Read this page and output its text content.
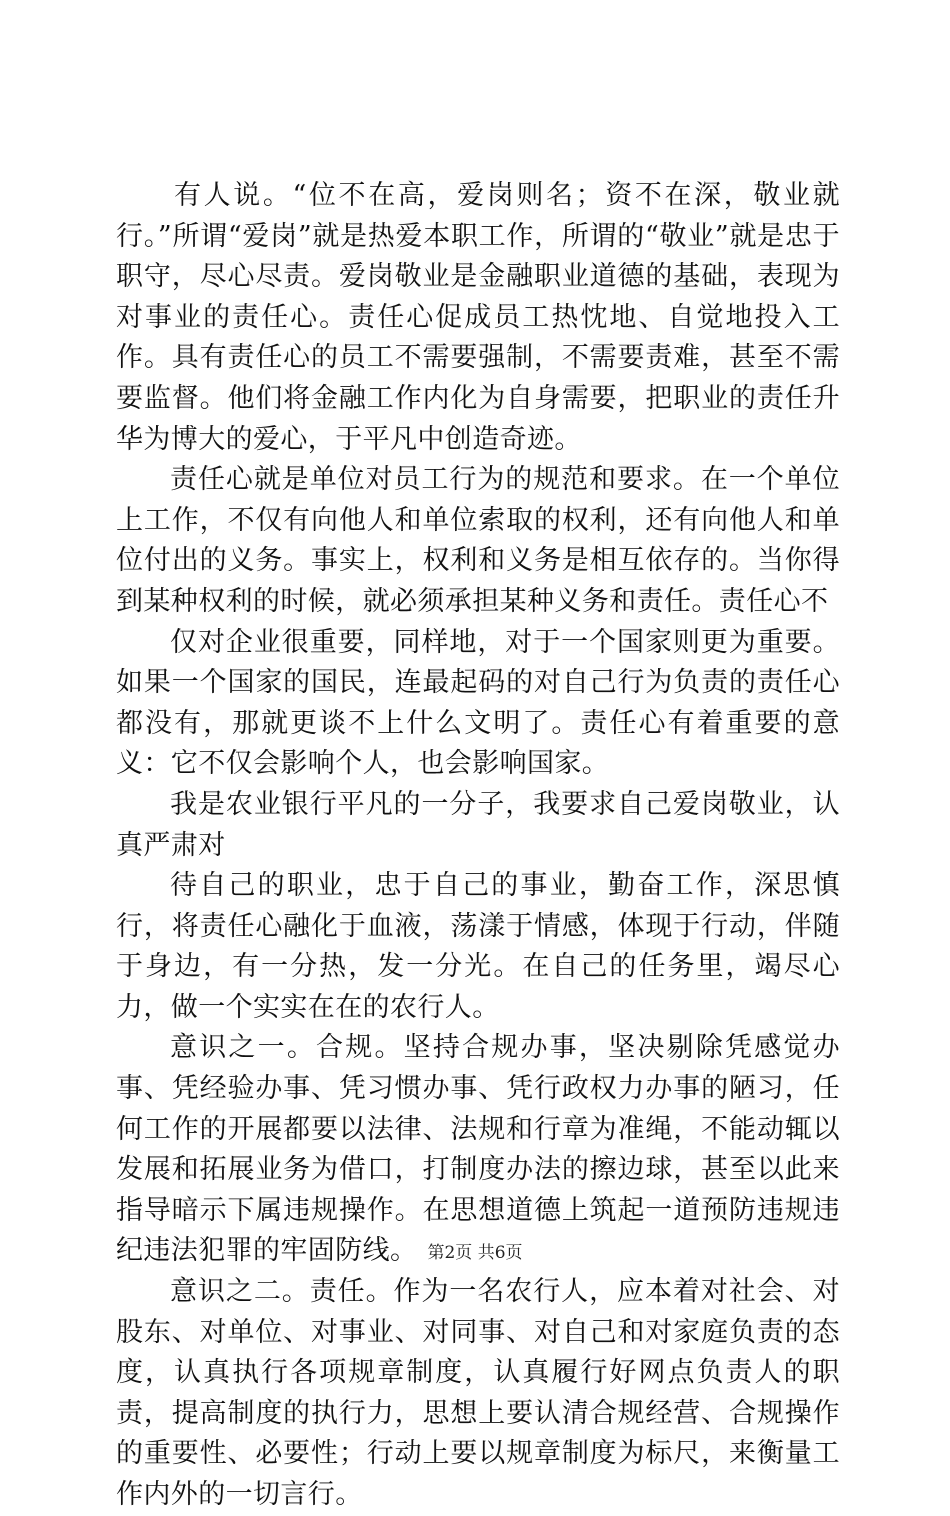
有人说。“位不在高，爱岗则名；资不在深，敬业就行。”所谓“爱岗”就是热爱本职工作，所谓的“敬业”就是忠于职守，尽心尽责。爱岗敬业是金融职业道德的基础，表现为对事业的责任心。责任心促成员工热忱地、自觉地投入工作。具有责任心的员工不需要强制，不需要责难，甚至不需要监督。他们将金融工作内化为自身需要，把职业的责任升华为博大的爱心，于平凡中创造奇迹。

责任心就是单位对员工行为的规范和要求。在一个单位上工作，不仅有向他人和单位索取的权利，还有向他人和单位付出的义务。事实上，权利和义务是相互依存的。当你得到某种权利的时候，就必须承担某种义务和责任。责任心不

仅对企业很重要，同样地，对于一个国家则更为重要。如果一个国家的国民，连最起码的对自己行为负责的责任心都没有，那就更谈不上什么文明了。责任心有着重要的意义：它不仅会影响个人，也会影响国家。

我是农业银行平凡的一分子，我要求自己爱岗敬业，认真严肃对

待自己的职业，忠于自己的事业，勤奋工作，深思慎行，将责任心融化于血液，荡漾于情感，体现于行动，伴随于身边，有一分热，发一分光。在自己的任务里，竭尽心力，做一个实实在在的农行人。

意识之一。合规。坚持合规办事，坚决剔除凭感觉办事、凭经验办事、凭习惯办事、凭行政权力办事的陋习，任何工作的开展都要以法律、法规和行章为准绳，不能动辄以发展和拓展业务为借口，打制度办法的擦边球，甚至以此来指导暗示下属违规操作。在思想道德上筑起一道预防违规违纪违法犯罪的牢固防线。

意识之二。责任。作为一名农行人，应本着对社会、对股东、对单位、对事业、对同事、对自己和对家庭负责的态度，认真执行各项规章制度，认真履行好网点负责人的职责，提高制度的执行力，思想上要认清合规经营、合规操作的重要性、必要性；行动上要以规章制度为标尺，来衡量工作内外的一切言行。

第2页 共6页
